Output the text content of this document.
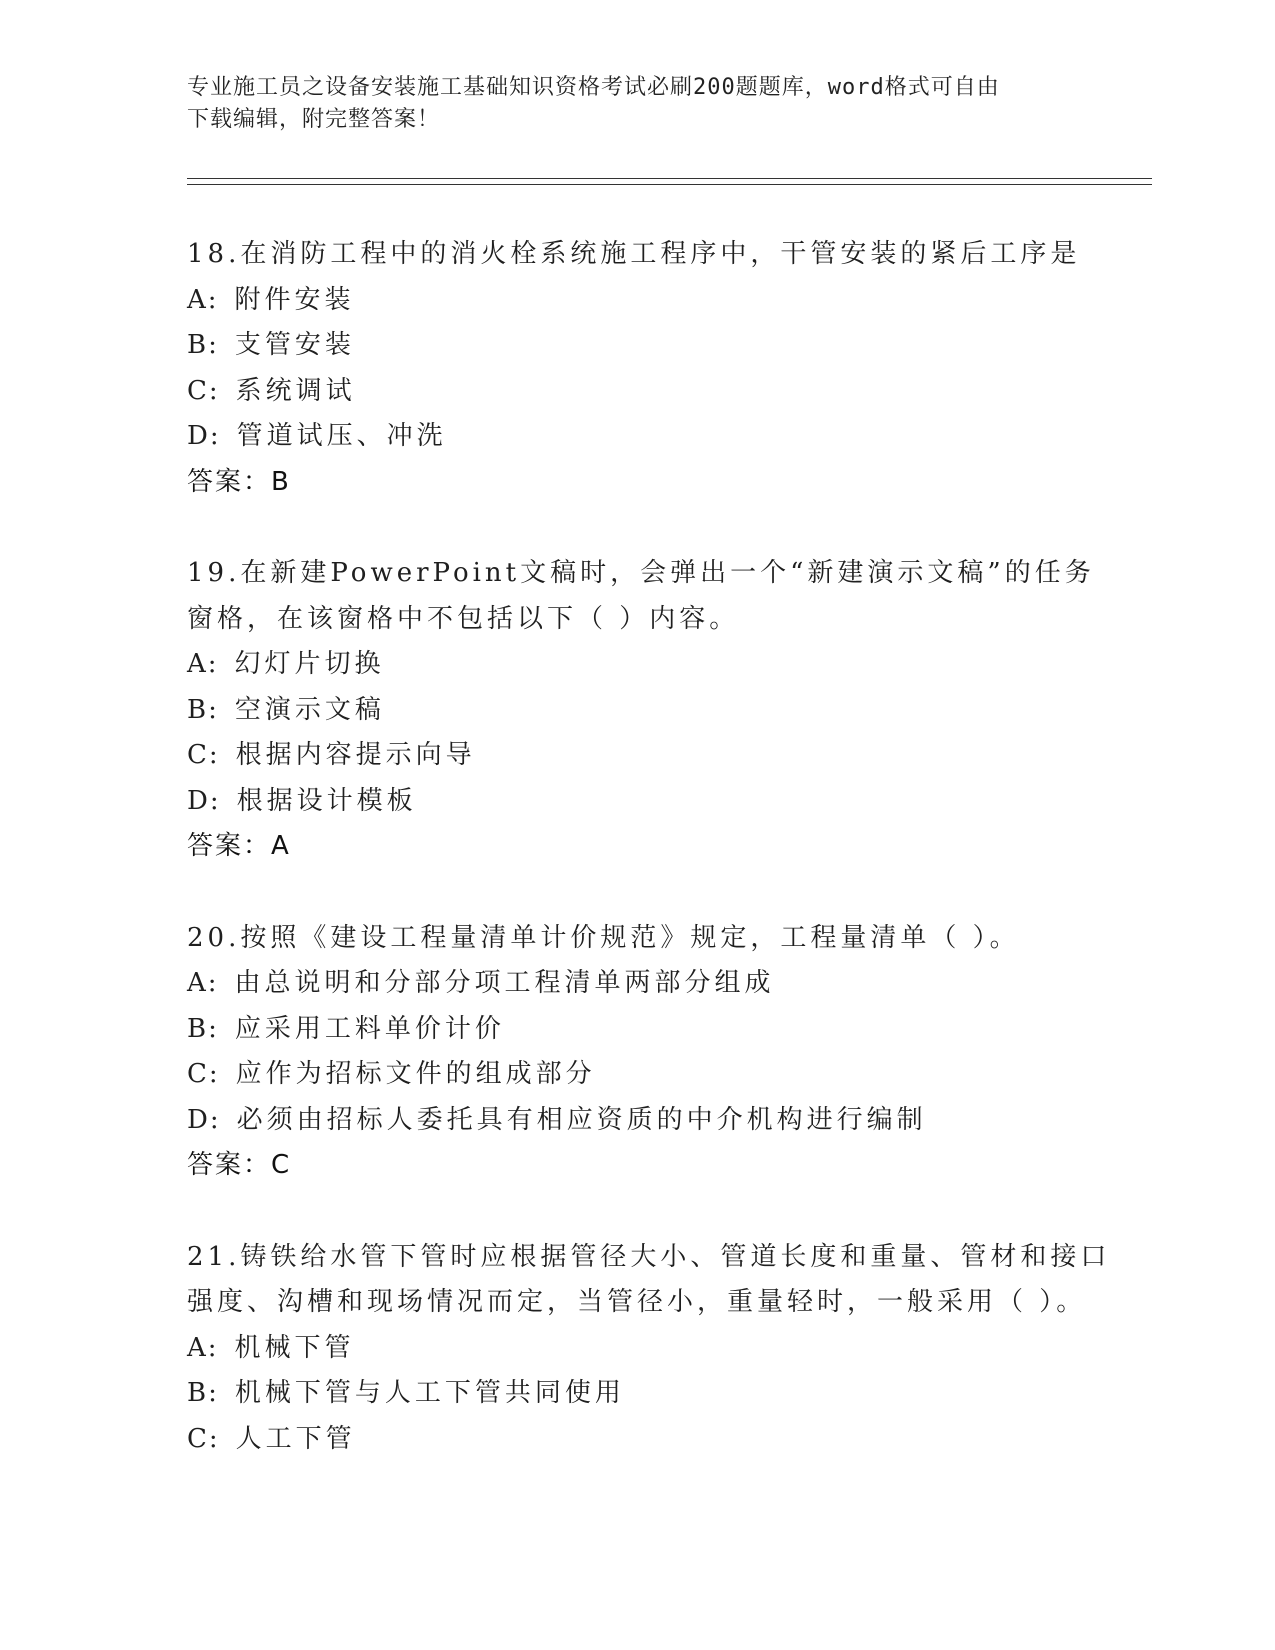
专业施工员之设备安装施工基础知识资格考试必刷200题题库，word格式可自由
下载编辑，附完整答案！
18.在消防工程中的消火栓系统施工程序中，干管安装的紧后工序是
A: 附件安装
B: 支管安装
C: 系统调试
D: 管道试压、冲洗
答案：B
19.在新建PowerPoint文稿时，会弹出一个“新建演示文稿”的任务
窗格，在该窗格中不包括以下（ ）内容。
A: 幻灯片切换
B: 空演示文稿
C: 根据内容提示向导
D: 根据设计模板
答案：A
20.按照《建设工程量清单计价规范》规定，工程量清单（ ）。
A: 由总说明和分部分项工程清单两部分组成
B: 应采用工料单价计价
C: 应作为招标文件的组成部分
D: 必须由招标人委托具有相应资质的中介机构进行编制
答案：C
21.铸铁给水管下管时应根据管径大小、管道长度和重量、管材和接口
强度、沟槽和现场情况而定，当管径小，重量轻时，一般采用（ ）。
A: 机械下管
B: 机械下管与人工下管共同使用
C: 人工下管
